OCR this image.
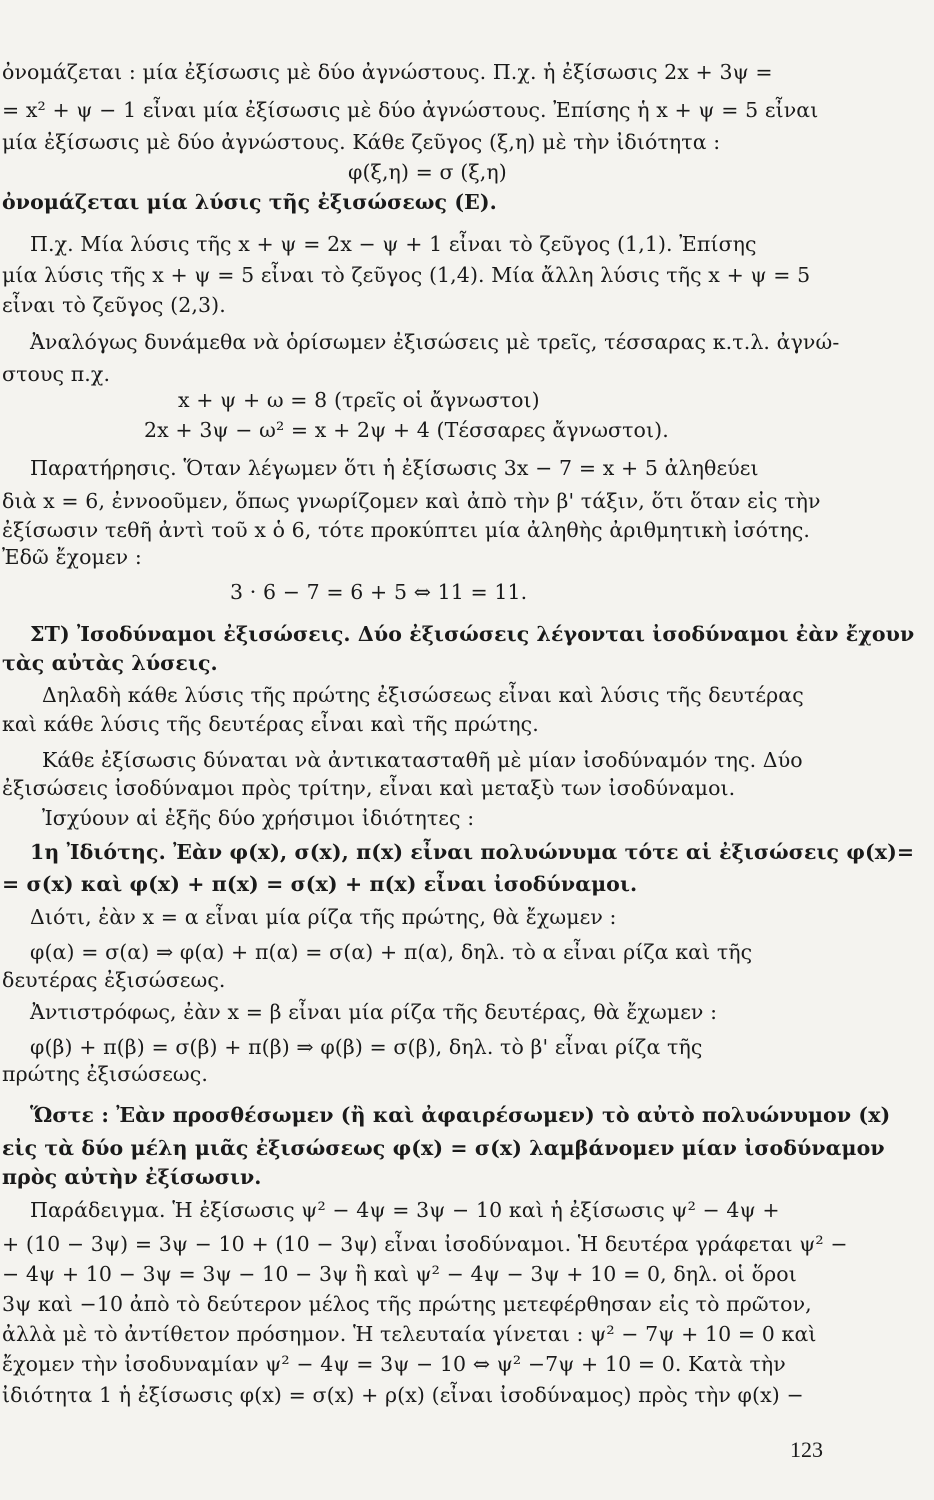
ὀνομάζεται : μία ἐξίσωσις μὲ δύο ἀγνώστους. Π.χ. ἡ ἐξίσωσις 2x + 3ψ =
= x² + ψ − 1 εἶναι μία ἐξίσωσις μὲ δύο ἀγνώστους. Ἐπίσης ἡ x + ψ = 5 εἶναι
μία ἐξίσωσις μὲ δύο ἀγνώστους. Κάθε ζεῦγος (ξ,η) μὲ τὴν ἰδιότητα :
φ(ξ,η) = σ (ξ,η)
ὀνομάζεται μία λύσις τῆς ἐξισώσεως (Ε).
Π.χ. Μία λύσις τῆς x + ψ = 2x − ψ + 1 εἶναι τὸ ζεῦγος (1,1). Ἐπίσης
μία λύσις τῆς x + ψ = 5 εἶναι τὸ ζεῦγος (1,4). Μία ἄλλη λύσις τῆς x + ψ = 5
εἶναι τὸ ζεῦγος (2,3).
Ἀναλόγως δυνάμεθα νὰ ὁρίσωμεν ἐξισώσεις μὲ τρεῖς, τέσσαρας κ.τ.λ. ἀγνώ-
στους π.χ.
x + ψ + ω = 8 (τρεῖς οἱ ἄγνωστοι)
2x + 3ψ − ω² = x + 2ψ + 4 (Τέσσαρες ἄγνωστοι).
Παρατήρησις. Ὅταν λέγωμεν ὅτι ἡ ἐξίσωσις 3x − 7 = x + 5 ἀληθεύει
διὰ x = 6, ἐννοοῦμεν, ὅπως γνωρίζομεν καὶ ἀπὸ τὴν β' τάξιν, ὅτι ὅταν εἰς τὴν
ἐξίσωσιν τεθῆ ἀντὶ τοῦ x ὁ 6, τότε προκύπτει μία ἀληθὴς ἀριθμητικὴ ἰσότης.
Ἐδῶ ἔχομεν :
3 · 6 − 7 = 6 + 5 ⇔ 11 = 11.
ΣΤ) Ἰσοδύναμοι ἐξισώσεις. Δύο ἐξισώσεις λέγονται ἰσοδύναμοι ἐὰν ἔχουν
τὰς αὐτὰς λύσεις.
Δηλαδὴ κάθε λύσις τῆς πρώτης ἐξισώσεως εἶναι καὶ λύσις τῆς δευτέρας
καὶ κάθε λύσις τῆς δευτέρας εἶναι καὶ τῆς πρώτης.
Κάθε ἐξίσωσις δύναται νὰ ἀντικατασταθῆ μὲ μίαν ἰσοδύναμόν της. Δύο
ἐξισώσεις ἰσοδύναμοι πρὸς τρίτην, εἶναι καὶ μεταξὺ των ἰσοδύναμοι.
Ἰσχύουν αἱ ἑξῆς δύο χρήσιμοι ἰδιότητες :
1η Ἰδιότης. Ἐὰν φ(x), σ(x), π(x) εἶναι πολυώνυμα τότε αἱ ἐξισώσεις φ(x)=
= σ(x) καὶ φ(x) + π(x) = σ(x) + π(x) εἶναι ἰσοδύναμοι.
Διότι, ἐὰν x = α εἶναι μία ρίζα τῆς πρώτης, θὰ ἔχωμεν :
φ(α) = σ(α) ⇒ φ(α) + π(α) = σ(α) + π(α), δηλ. τὸ α εἶναι ρίζα καὶ τῆς
δευτέρας ἐξισώσεως.
Ἀντιστρόφως, ἐὰν x = β εἶναι μία ρίζα τῆς δευτέρας, θὰ ἔχωμεν :
φ(β) + π(β) = σ(β) + π(β) ⇒ φ(β) = σ(β), δηλ. τὸ β' εἶναι ρίζα τῆς
πρώτης ἐξισώσεως.
Ὥστε : Ἐὰν προσθέσωμεν (ἢ καὶ ἀφαιρέσωμεν) τὸ αὐτὸ πολυώνυμον (x)
εἰς τὰ δύο μέλη μιᾶς ἐξισώσεως φ(x) = σ(x) λαμβάνομεν μίαν ἰσοδύναμον
πρὸς αὐτὴν ἐξίσωσιν.
Παράδειγμα. Ἡ ἐξίσωσις ψ² − 4ψ = 3ψ − 10 καὶ ἡ ἐξίσωσις ψ² − 4ψ +
+ (10 − 3ψ) = 3ψ − 10 + (10 − 3ψ) εἶναι ἰσοδύναμοι. Ἡ δευτέρα γράφεται ψ² −
− 4ψ + 10 − 3ψ = 3ψ − 10 − 3ψ ἢ καὶ ψ² − 4ψ − 3ψ + 10 = 0, δηλ. οἱ ὅροι
3ψ καὶ −10 ἀπὸ τὸ δεύτερον μέλος τῆς πρώτης μετεφέρθησαν εἰς τὸ πρῶτον,
ἀλλὰ μὲ τὸ ἀντίθετον πρόσημον. Ἡ τελευταία γίνεται : ψ² − 7ψ + 10 = 0 καὶ
ἔχομεν τὴν ἰσοδυναμίαν ψ² − 4ψ = 3ψ − 10 ⇔ ψ² −7ψ + 10 = 0. Κατὰ τὴν
ἰδιότητα 1 ἡ ἐξίσωσις φ(x) = σ(x) + ρ(x) (εἶναι ἰσοδύναμος) πρὸς τὴν φ(x) −
123
